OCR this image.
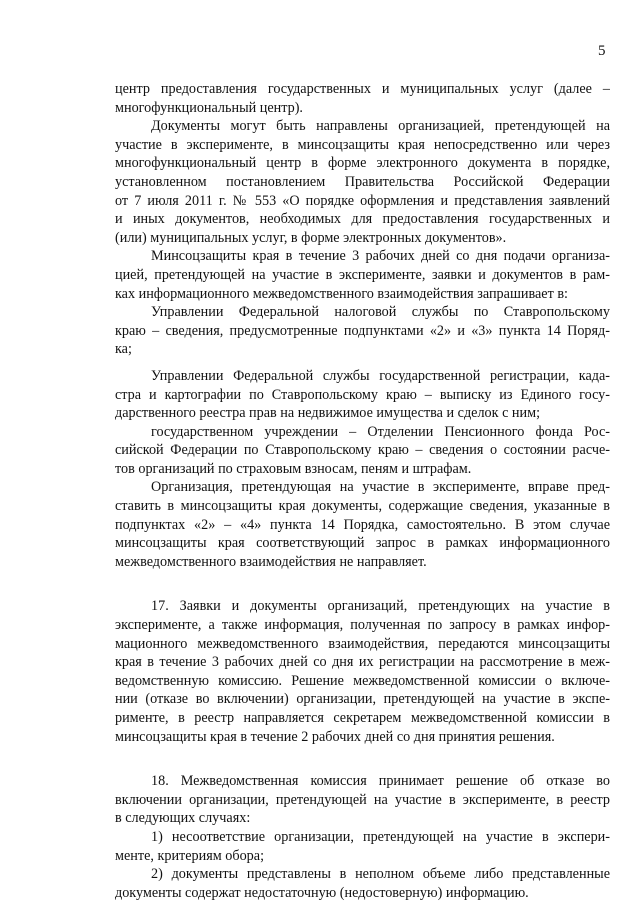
5
центр предоставления государственных и муниципальных услуг (далее –
многофункциональный центр).
Документы могут быть направлены организацией, претендующей на
участие в эксперименте, в минсоцзащиты края непосредственно или через
многофункциональный центр в форме электронного документа в порядке,
установленном постановлением Правительства Российской Федерации
от 7 июля 2011 г. № 553 «О порядке оформления и представления заявлений
и иных документов, необходимых для предоставления государственных и
(или) муниципальных услуг, в форме электронных документов».
Минсоцзащиты края в течение 3 рабочих дней со дня подачи организа-
цией, претендующей на участие в эксперименте, заявки и документов в рам-
ках информационного межведомственного взаимодействия запрашивает в:
Управлении Федеральной налоговой службы по Ставропольскому
краю – сведения, предусмотренные подпунктами «2» и «3» пункта 14 Поряд-
ка;
Управлении Федеральной службы государственной регистрации, када-
стра и картографии по Ставропольскому краю – выписку из Единого госу-
дарственного реестра прав на недвижимое имущества и сделок с ним;
государственном учреждении – Отделении Пенсионного фонда Рос-
сийской Федерации по Ставропольскому краю – сведения о состоянии расче-
тов организаций по страховым взносам, пеням и штрафам.
Организация, претендующая на участие в эксперименте, вправе пред-
ставить в минсоцзащиты края документы, содержащие сведения, указанные в
подпунктах «2» – «4» пункта 14 Порядка, самостоятельно. В этом случае
минсоцзащиты края соответствующий запрос в рамках информационного
межведомственного взаимодействия не направляет.
17. Заявки и документы организаций, претендующих на участие в
эксперименте, а также информация, полученная по запросу в рамках инфор-
мационного межведомственного взаимодействия, передаются минсоцзащиты
края в течение 3 рабочих дней со дня их регистрации на рассмотрение в меж-
ведомственную комиссию. Решение межведомственной комиссии о включе-
нии (отказе во включении) организации, претендующей на участие в экспе-
рименте, в реестр направляется секретарем межведомственной комиссии в
минсоцзащиты края в течение 2 рабочих дней со дня принятия решения.
18. Межведомственная комиссия принимает решение об отказе во
включении организации, претендующей на участие в эксперименте, в реестр
в следующих случаях:
1) несоответствие организации, претендующей на участие в экспери-
менте, критериям обора;
2) документы представлены в неполном объеме либо представленные
документы содержат недостаточную (недостоверную) информацию.
